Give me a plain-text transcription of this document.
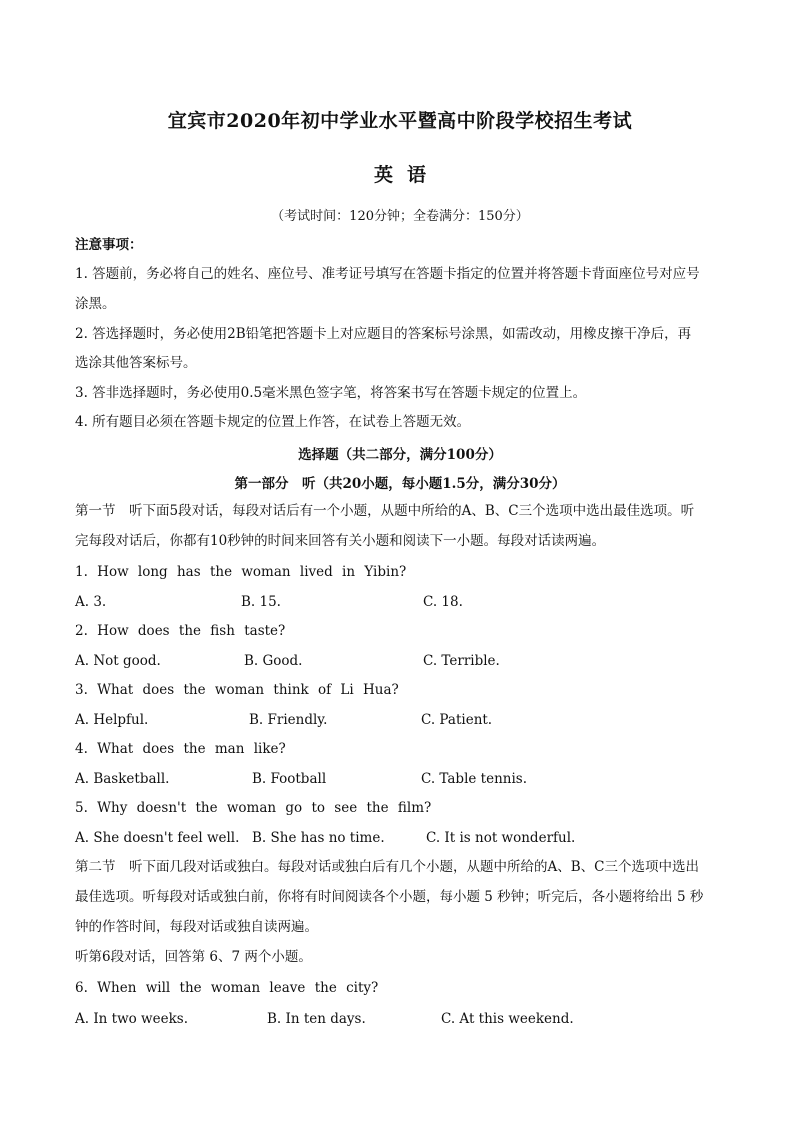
宜宾市2020年初中学业水平暨高中阶段学校招生考试
英语
（考试时间：120分钟；全卷满分：150分）
注意事项：
1. 答题前，务必将自己的姓名、座位号、准考证号填写在答题卡指定的位置并将答题卡背面座位号对应号
涂黑。
2. 答选择题时，务必使用2B铅笔把答题卡上对应题目的答案标号涂黑，如需改动，用橡皮擦干净后，再
选涂其他答案标号。
3. 答非选择题时，务必使用0.5毫米黑色签字笔，将答案书写在答题卡规定的位置上。
4. 所有题目必须在答题卡规定的位置上作答，在试卷上答题无效。
选择题（共二部分，满分100分）
第一部分　听（共20小题，每小题1.5分，满分30分）
第一节　听下面5段对话，每段对话后有一个小题，从题中所给的A、B、C三个选项中选出最佳选项。听
完每段对话后，你都有10秒钟的时间来回答有关小题和阅读下一小题。每段对话读两遍。
1. How long has the woman lived in Yibin?
A. 3.	B. 15.	C. 18.
2. How does the fish taste?
A. Not good.	B. Good.	C. Terrible.
3. What does the woman think of Li Hua?
A. Helpful.	B. Friendly.	C. Patient.
4. What does the man like?
A. Basketball.	B. Football	C. Table tennis.
5. Why doesn't the woman go to see the film?
A. She doesn't feel well. B. She has no time.	C. It is not wonderful.
第二节　听下面几段对话或独白。每段对话或独白后有几个小题，从题中所给的A、B、C三个选项中选出
最佳选项。听每段对话或独白前，你将有时间阅读各个小题，每小题 5 秒钟；听完后，各小题将给出 5 秒
钟的作答时间，每段对话或独自读两遍。
听第6段对话，回答第 6、7 两个小题。
6. When will the woman leave the city?
A. In two weeks.	B. In ten days.	C. At this weekend.
